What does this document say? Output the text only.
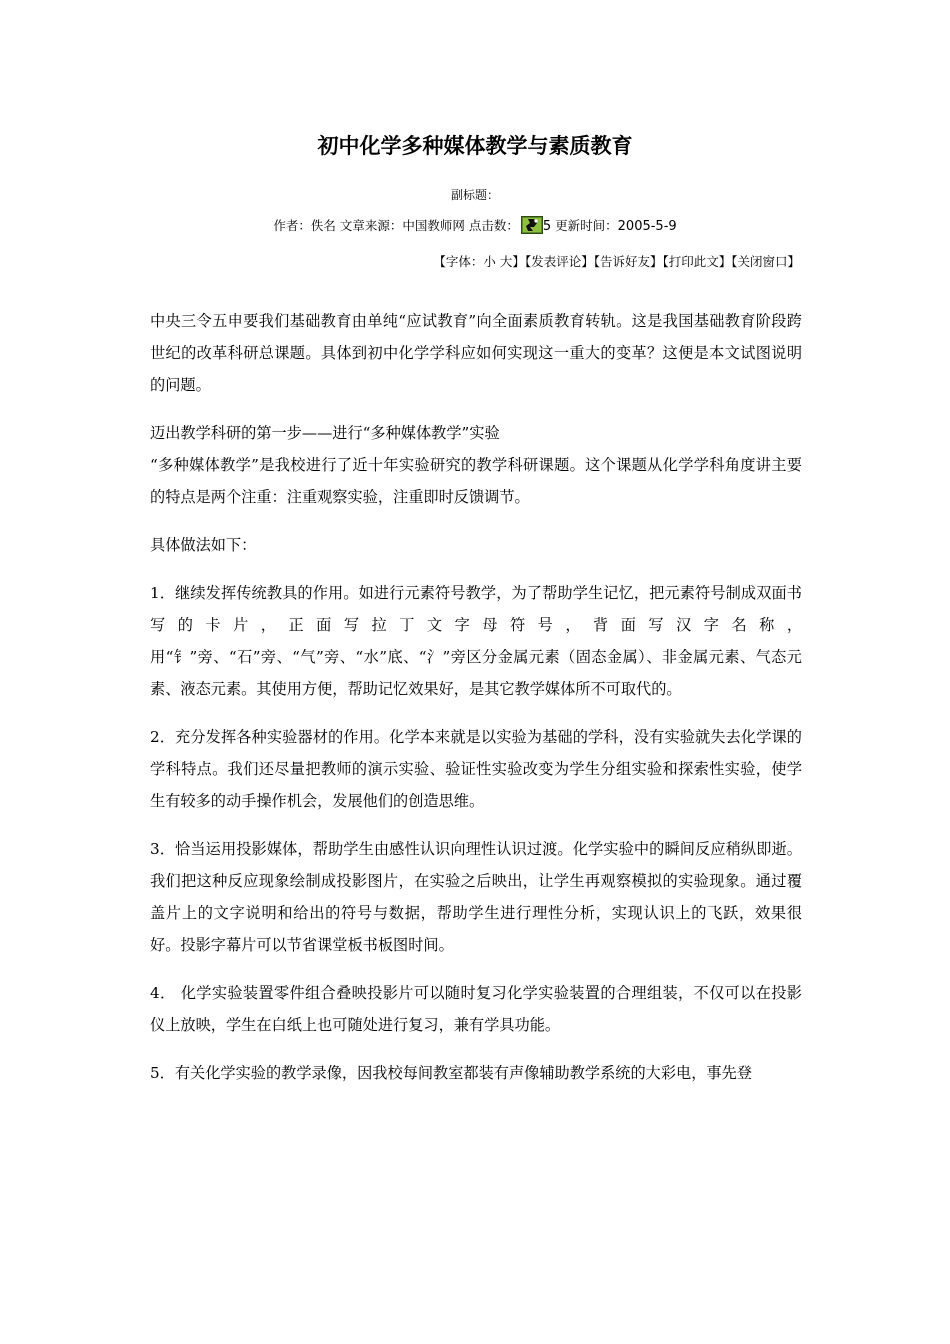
初中化学多种媒体教学与素质教育
副标题：
作者：佚名 文章来源：中国教师网 点击数： 5 更新时间：2005-5-9
【字体：小 大】【发表评论】【告诉好友】【打印此文】【关闭窗口】

中央三令五申要我们基础教育由单纯“应试教育”向全面素质教育转轨。这是我国基础教育阶段跨世纪的改革科研总课题。具体到初中化学学科应如何实现这一重大的变革？这便是本文试图说明的问题。

迈出教学科研的第一步——进行“多种媒体教学”实验

“多种媒体教学”是我校进行了近十年实验研究的教学科研课题。这个课题从化学学科角度讲主要的特点是两个注重：注重观察实验，注重即时反馈调节。

具体做法如下：

1．继续发挥传统教具的作用。如进行元素符号教学，为了帮助学生记忆，把元素符号制成双面书写的卡片，正面写拉丁文字母符号，背面写汉字名称，用“钅”旁、“石”旁、“气”旁、“水”底、“氵”旁区分金属元素（固态金属）、非金属元素、气态元素、液态元素。其使用方便，帮助记忆效果好，是其它教学媒体所不可取代的。

2．充分发挥各种实验器材的作用。化学本来就是以实验为基础的学科，没有实验就失去化学课的学科特点。我们还尽量把教师的演示实验、验证性实验改变为学生分组实验和探索性实验，使学生有较多的动手操作机会，发展他们的创造思维。

3．恰当运用投影媒体，帮助学生由感性认识向理性认识过渡。化学实验中的瞬间反应稍纵即逝。我们把这种反应现象绘制成投影图片，在实验之后映出，让学生再观察模拟的实验现象。通过覆盖片上的文字说明和给出的符号与数据，帮助学生进行理性分析，实现认识上的飞跃，效果很好。投影字幕片可以节省课堂板书板图时间。

4． 化学实验装置零件组合叠映投影片可以随时复习化学实验装置的合理组装，不仅可以在投影仪上放映，学生在白纸上也可随处进行复习，兼有学具功能。

5．有关化学实验的教学录像，因我校每间教室都装有声像辅助教学系统的大彩电，事先登
